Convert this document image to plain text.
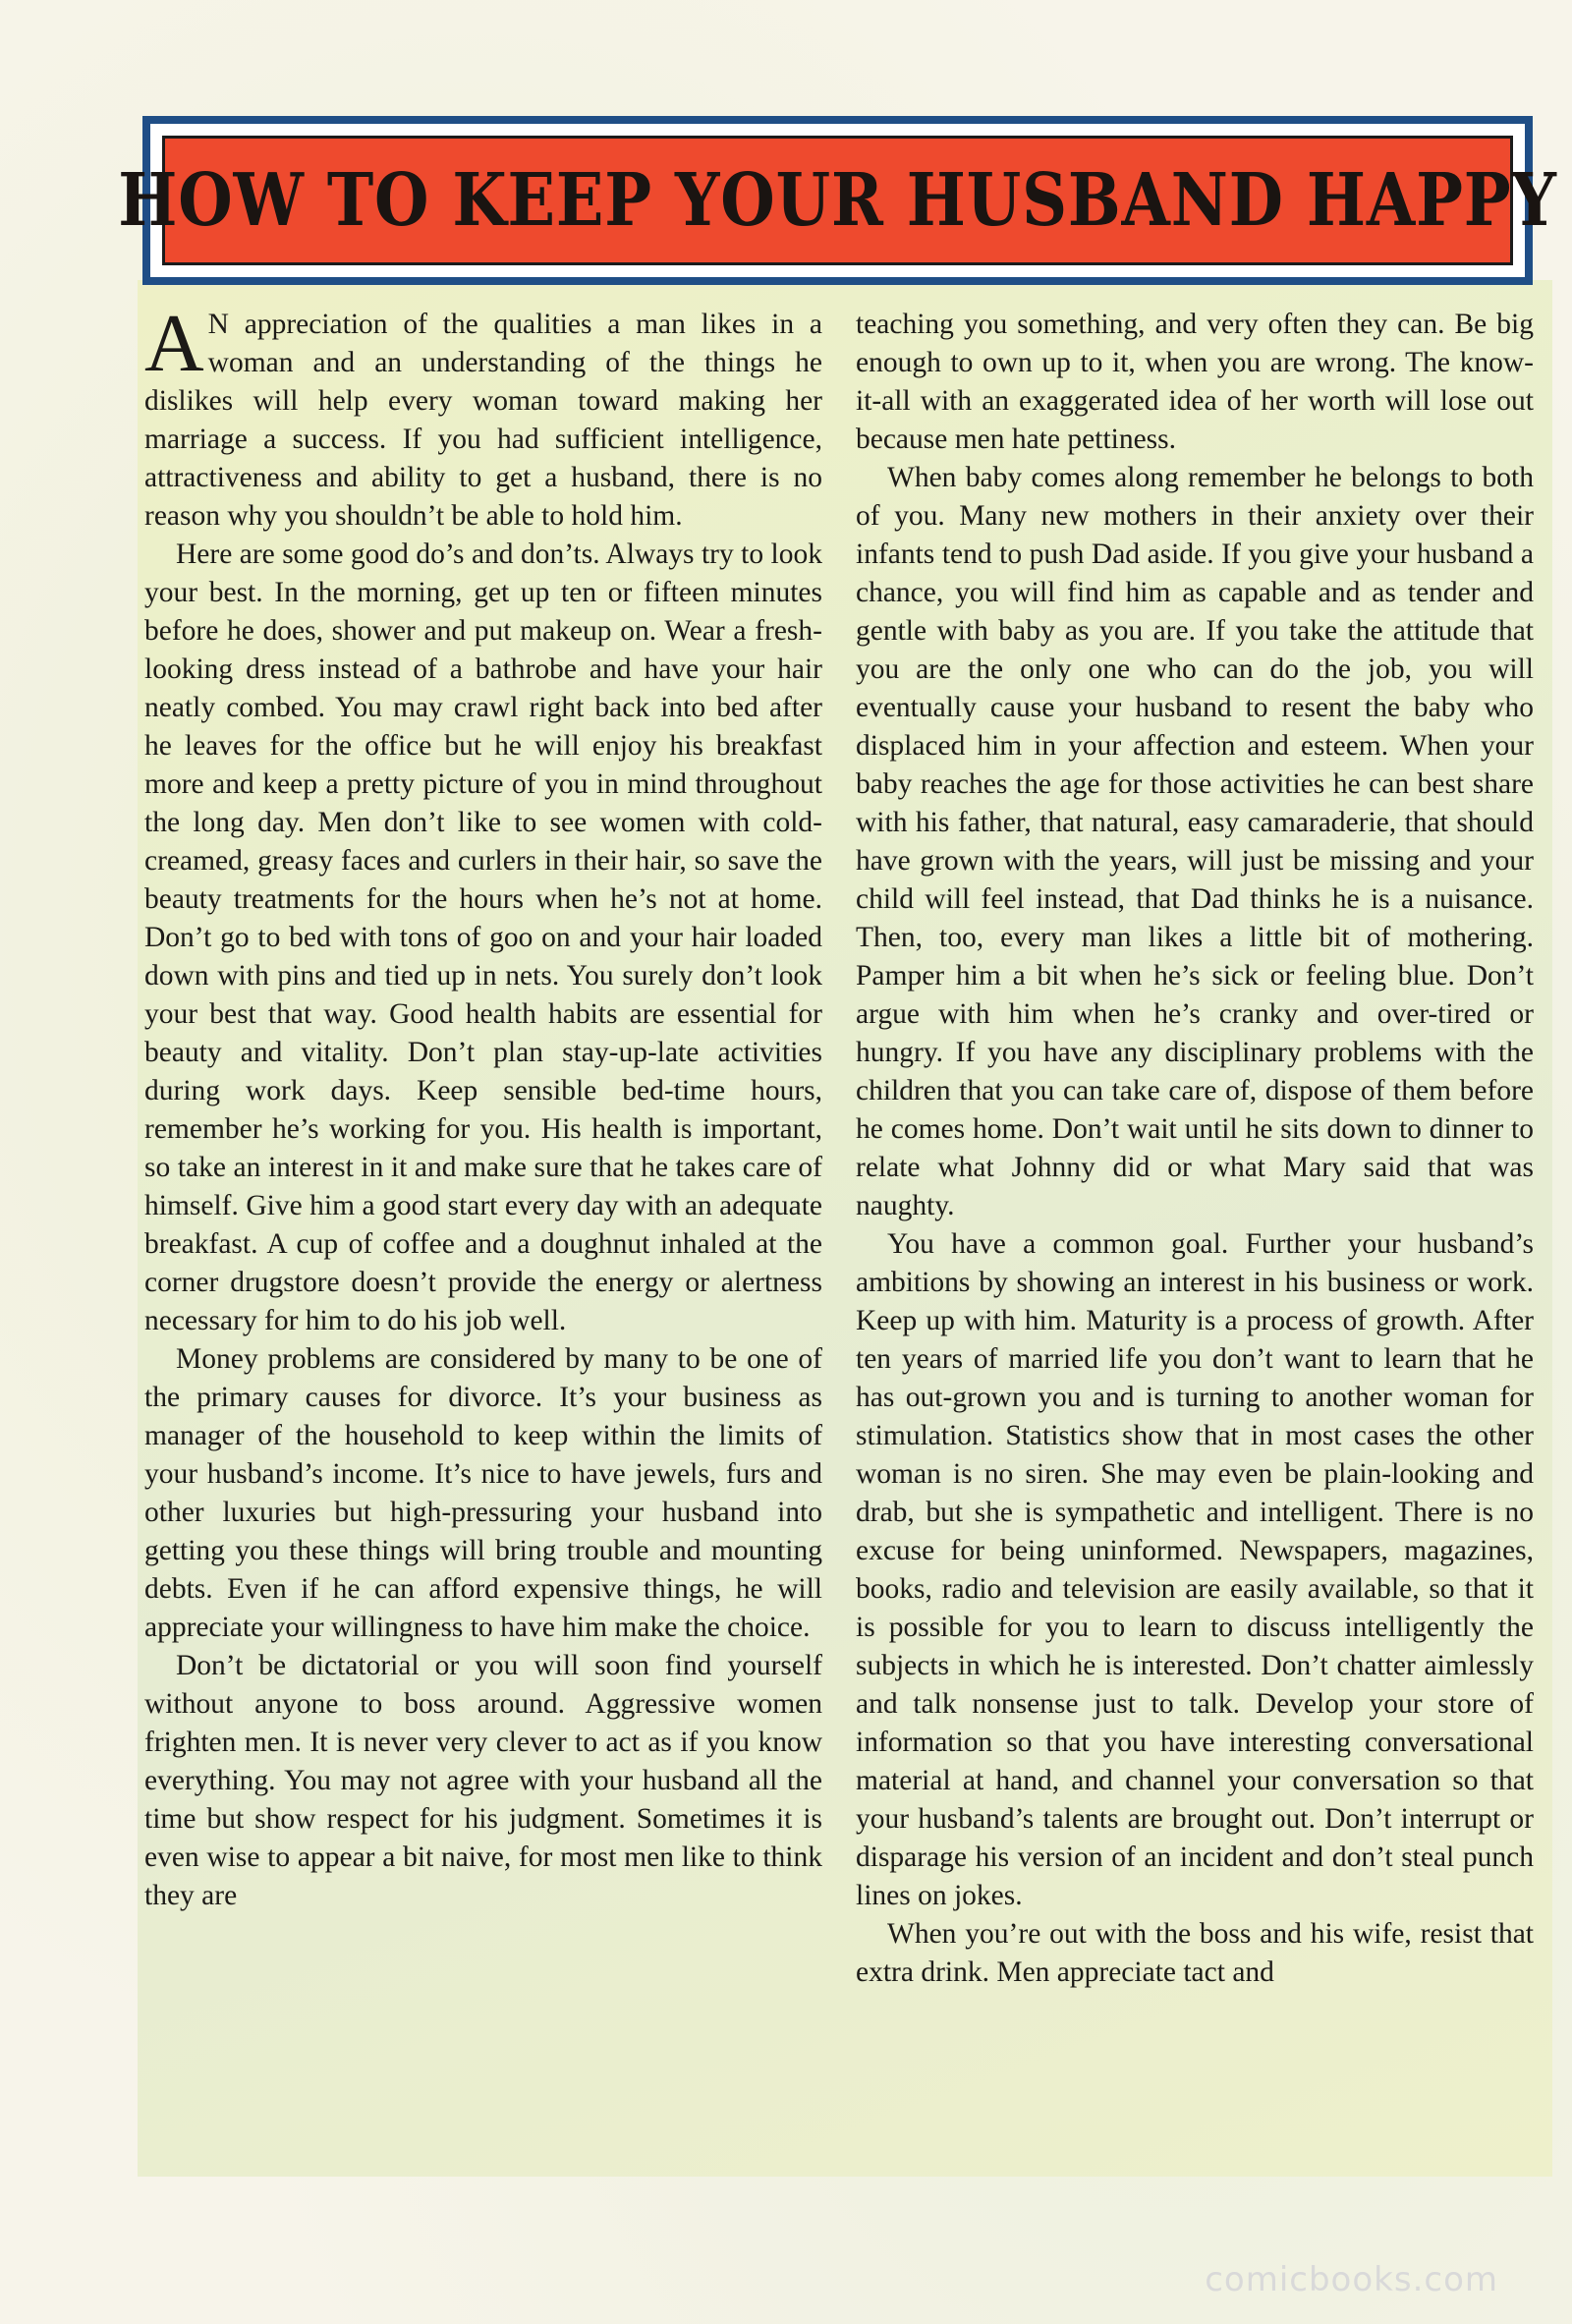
HOW TO KEEP YOUR HUSBAND HAPPY

A N appreciation of the qualities a man likes in a woman and an understanding of the things he dislikes will help every woman toward making her marriage a success. If you had sufficient intelligence, attractiveness and ability to get a husband, there is no reason why you shouldn’t be able to hold him.

Here are some good do’s and don’ts. Always try to look your best. In the morning, get up ten or fifteen minutes before he does, shower and put makeup on. Wear a fresh-looking dress instead of a bathrobe and have your hair neatly combed. You may crawl right back into bed after he leaves for the office but he will enjoy his breakfast more and keep a pretty picture of you in mind throughout the long day. Men don’t like to see women with cold-creamed, greasy faces and curlers in their hair, so save the beauty treatments for the hours when he’s not at home. Don’t go to bed with tons of goo on and your hair loaded down with pins and tied up in nets. You surely don’t look your best that way. Good health habits are essential for beauty and vitality. Don’t plan stay-up-late activities during work days. Keep sensible bed-time hours, remember he’s working for you. His health is important, so take an interest in it and make sure that he takes care of himself. Give him a good start every day with an adequate breakfast. A cup of coffee and a doughnut inhaled at the corner drugstore doesn’t provide the energy or alertness necessary for him to do his job well.

Money problems are considered by many to be one of the primary causes for divorce. It’s your business as manager of the household to keep within the limits of your husband’s income. It’s nice to have jewels, furs and other luxuries but high-pressuring your husband into getting you these things will bring trouble and mounting debts. Even if he can afford expensive things, he will appreciate your willingness to have him make the choice.

Don’t be dictatorial or you will soon find yourself without anyone to boss around. Aggressive women frighten men. It is never very clever to act as if you know everything. You may not agree with your husband all the time but show respect for his judgment. Sometimes it is even wise to appear a bit naive, for most men like to think they are

teaching you something, and very often they can. Be big enough to own up to it, when you are wrong. The know-it-all with an exaggerated idea of her worth will lose out because men hate pettiness.

When baby comes along remember he belongs to both of you. Many new mothers in their anxiety over their infants tend to push Dad aside. If you give your husband a chance, you will find him as capable and as tender and gentle with baby as you are. If you take the attitude that you are the only one who can do the job, you will eventually cause your husband to resent the baby who displaced him in your affection and esteem. When your baby reaches the age for those activities he can best share with his father, that natural, easy camaraderie, that should have grown with the years, will just be missing and your child will feel instead, that Dad thinks he is a nuisance. Then, too, every man likes a little bit of mothering. Pamper him a bit when he’s sick or feeling blue. Don’t argue with him when he’s cranky and over-tired or hungry. If you have any disciplinary problems with the children that you can take care of, dispose of them before he comes home. Don’t wait until he sits down to dinner to relate what Johnny did or what Mary said that was naughty.

You have a common goal. Further your husband’s ambitions by showing an interest in his business or work. Keep up with him. Maturity is a process of growth. After ten years of married life you don’t want to learn that he has out-grown you and is turning to another woman for stimulation. Statistics show that in most cases the other woman is no siren. She may even be plain-looking and drab, but she is sympathetic and intelligent. There is no excuse for being uninformed. Newspapers, magazines, books, radio and television are easily available, so that it is possible for you to learn to discuss intelligently the subjects in which he is interested. Don’t chatter aimlessly and talk nonsense just to talk. Develop your store of information so that you have interesting conversational material at hand, and channel your conversation so that your husband’s talents are brought out. Don’t interrupt or disparage his version of an incident and don’t steal punch lines on jokes.

When you’re out with the boss and his wife, resist that extra drink. Men appreciate tact and

comicbooks.com
